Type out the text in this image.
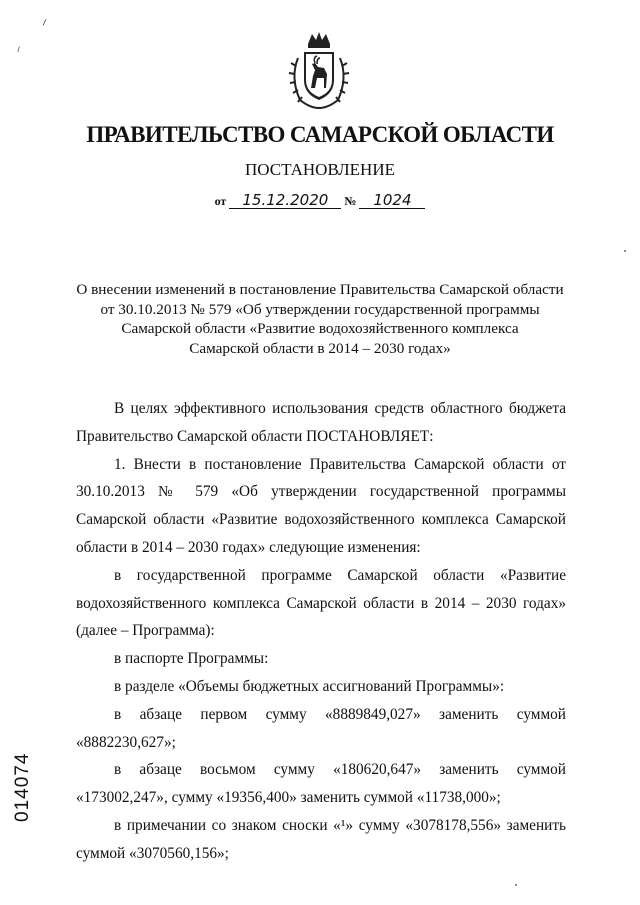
⸝
⸝
ПРАВИТЕЛЬСТВО САМАРСКОЙ ОБЛАСТИ
ПОСТАНОВЛЕНИЕ
от 15.12.2020 № 1024
О внесении изменений в постановление Правительства Самарской области
от 30.10.2013 № 579 «Об утверждении государственной программы
Самарской области «Развитие водохозяйственного комплекса
Самарской области в 2014 – 2030 годах»

В целях эффективного использования средств областного бюджета Правительство Самарской области ПОСТАНОВЛЯЕТ:

1. Внести в постановление Правительства Самарской области от 30.10.2013 № 579 «Об утверждении государственной программы Самарской области «Развитие водохозяйственного комплекса Самарской области в 2014 – 2030 годах» следующие изменения:

в государственной программе Самарской области «Развитие водохозяйственного комплекса Самарской области в 2014 – 2030 годах» (далее – Программа):

в паспорте Программы:

в разделе «Объемы бюджетных ассигнований Программы»:

в абзаце первом сумму «8889849,027» заменить суммой «8882230,627»;

в абзаце восьмом сумму «180620,647» заменить суммой «173002,247», сумму «19356,400» заменить суммой «11738,000»;

в примечании со знаком сноски «¹» сумму «3078178,556» заменить суммой «3070560,156»;

014074
